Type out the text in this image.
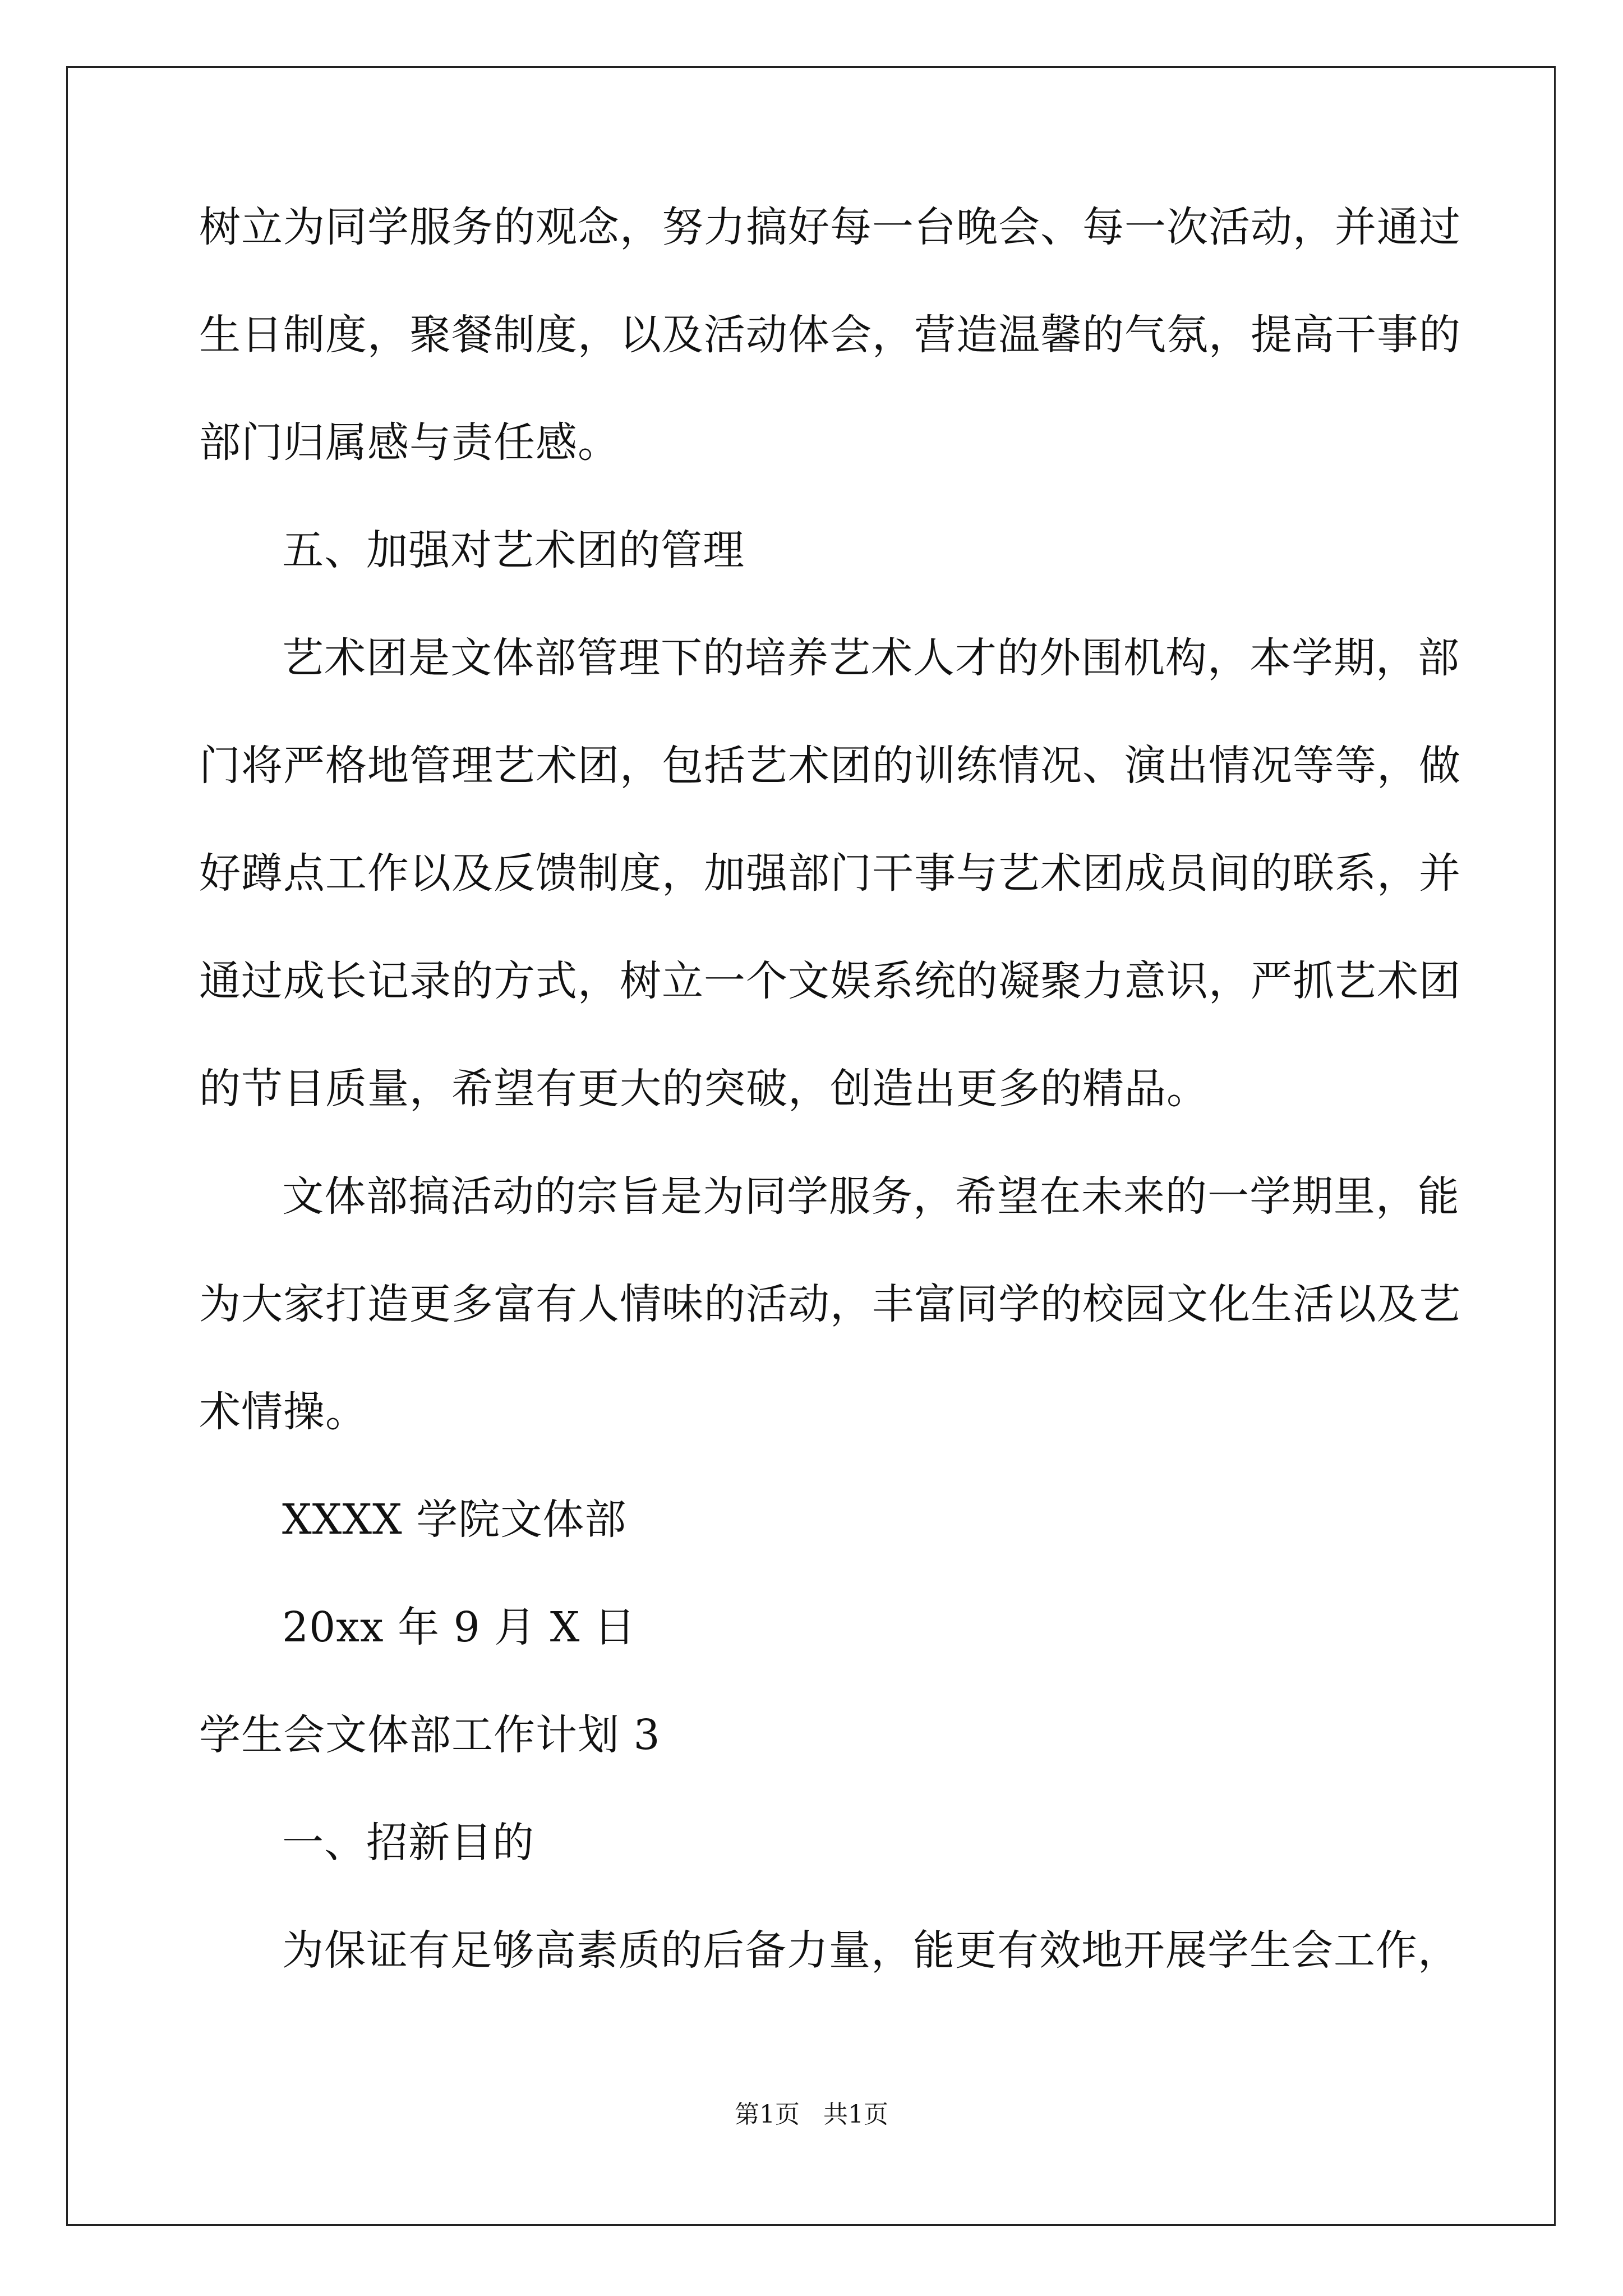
树立为同学服务的观念，努力搞好每一台晚会、每一次活动，并通过
生日制度，聚餐制度，以及活动体会，营造温馨的气氛，提高干事的
部门归属感与责任感。
五、加强对艺术团的管理
艺术团是文体部管理下的培养艺术人才的外围机构，本学期，部
门将严格地管理艺术团，包括艺术团的训练情况、演出情况等等，做
好蹲点工作以及反馈制度，加强部门干事与艺术团成员间的联系，并
通过成长记录的方式，树立一个文娱系统的凝聚力意识，严抓艺术团
的节目质量，希望有更大的突破，创造出更多的精品。
文体部搞活动的宗旨是为同学服务，希望在未来的一学期里，能
为大家打造更多富有人情味的活动，丰富同学的校园文化生活以及艺
术情操。
XXXX 学院文体部
20xx 年 9 月 X 日
学生会文体部工作计划 3
一、招新目的
为保证有足够高素质的后备力量，能更有效地开展学生会工作，
第1页   共1页
